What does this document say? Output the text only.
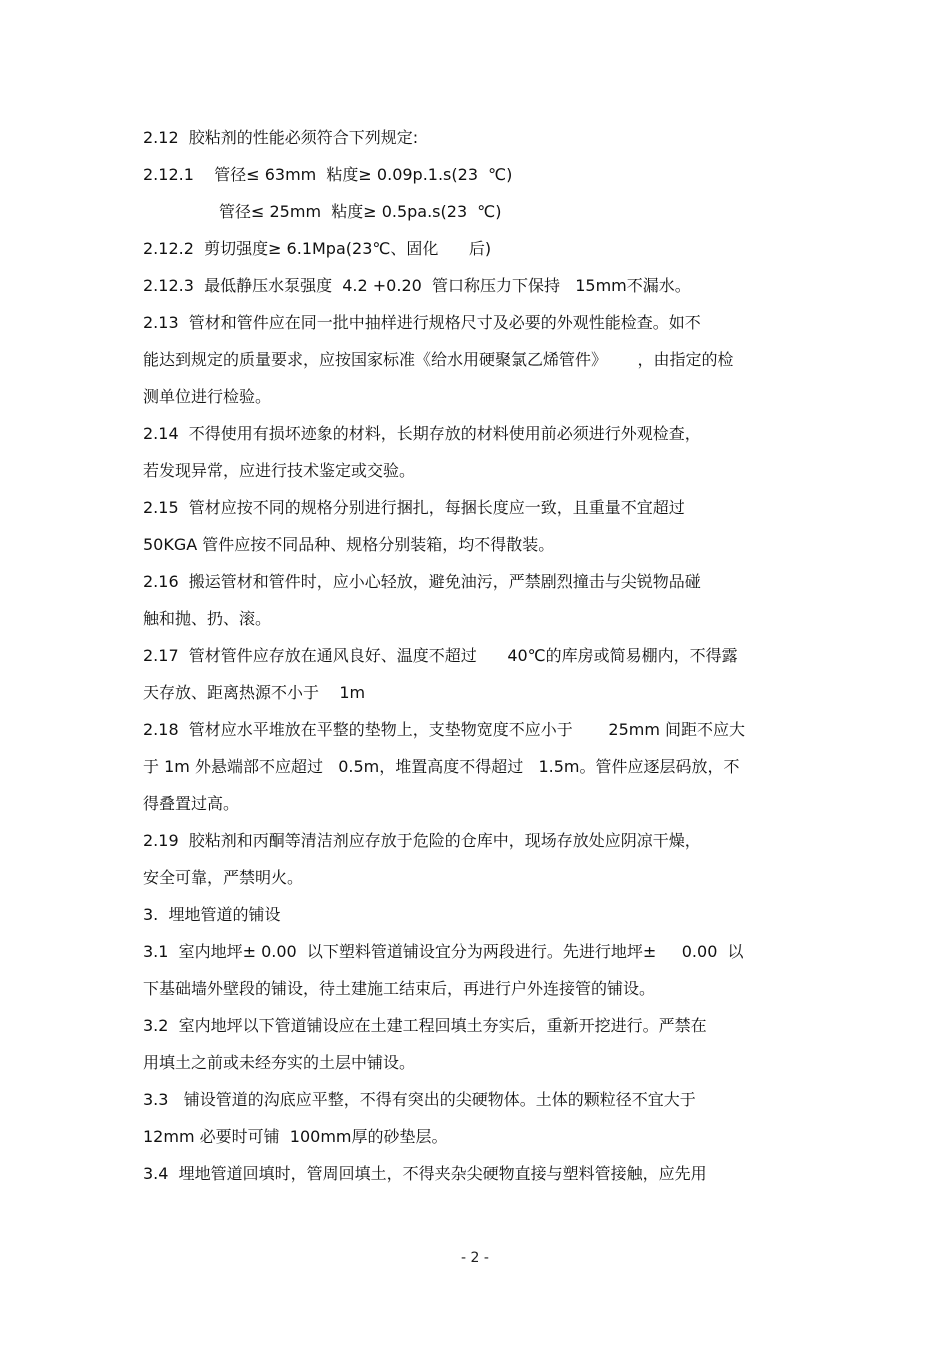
2.12  胶粘剂的性能必须符合下列规定:
2.12.1    管径≤ 63mm  粘度≥ 0.09p.1.s(23  ℃)
管径≤ 25mm  粘度≥ 0.5pa.s(23  ℃)
2.12.2  剪切强度≥ 6.1Mpa(23℃、固化      后)
2.12.3  最低静压水泵强度  4.2 +0.20  管口称压力下保持   15mm不漏水。
2.13  管材和管件应在同一批中抽样进行规格尺寸及必要的外观性能检查。如不
能达到规定的质量要求，应按国家标准《给水用硬聚氯乙烯管件》      ，由指定的检
测单位进行检验。
2.14  不得使用有损坏迹象的材料，长期存放的材料使用前必须进行外观检查，
若发现异常，应进行技术鉴定或交验。
2.15  管材应按不同的规格分别进行捆扎，每捆长度应一致，且重量不宜超过
50KGA 管件应按不同品种、规格分别装箱，均不得散装。
2.16  搬运管材和管件时，应小心轻放，避免油污，严禁剧烈撞击与尖锐物品碰
触和抛、扔、滚。
2.17  管材管件应存放在通风良好、温度不超过      40℃的库房或简易棚内，不得露
天存放、距离热源不小于    1m
2.18  管材应水平堆放在平整的垫物上，支垫物宽度不应小于       25mm 间距不应大
于 1m 外悬端部不应超过   0.5m，堆置高度不得超过   1.5m。管件应逐层码放，不
得叠置过高。
2.19  胶粘剂和丙酮等清洁剂应存放于危险的仓库中，现场存放处应阴凉干燥，
安全可靠，严禁明火。
3.  埋地管道的铺设
3.1  室内地坪± 0.00  以下塑料管道铺设宜分为两段进行。先进行地坪±     0.00  以
下基础墙外壁段的铺设，待土建施工结束后，再进行户外连接管的铺设。
3.2  室内地坪以下管道铺设应在土建工程回填土夯实后，重新开挖进行。严禁在
用填土之前或未经夯实的土层中铺设。
3.3   铺设管道的沟底应平整，不得有突出的尖硬物体。土体的颗粒径不宜大于
12mm 必要时可铺  100mm厚的砂垫层。
3.4  埋地管道回填时，管周回填土，不得夹杂尖硬物直接与塑料管接触，应先用
- 2 -
